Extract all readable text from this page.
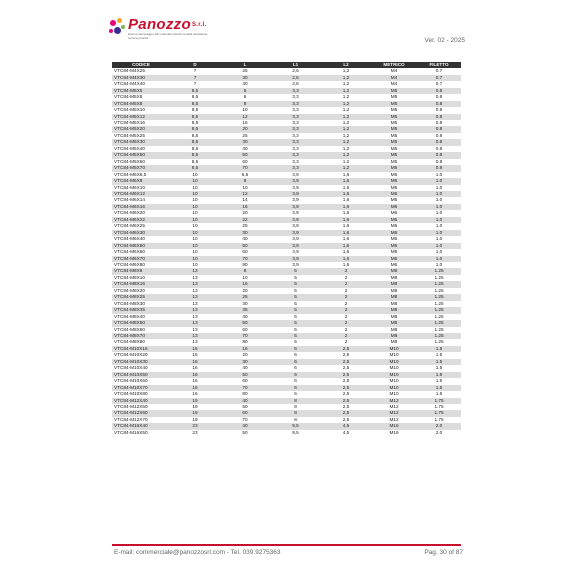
Panozzo$^{S.r.l.}$
sistemi stampaggio altri materiali utensili vendita assistenza tecnica prodotti	Ver. 02 - 2025
CODICE	D	L	L1	L2	METRICO	FILETTO
VTC84-M4X25	7	25	2,6	1,2	M4	0.7
VTC84-M4X30	7	30	2,6	1,2	M4	0.7
VTC84-M4X40	7	40	2,6	1,2	M4	0.7
VTC84-M5X5	8,5	5	3,3	1,2	M5	0.8
VTC84-M5X6	8,5	6	3,3	1,2	M5	0.8
VTC84-M5X8	8,5	8	3,3	1,2	M5	0.8
VTC84-M5X10	8,5	10	3,3	1,2	M5	0.8
VTC84-M5X12	8,5	12	3,3	1,2	M5	0.8
VTC84-M5X16	8,5	16	3,3	1,2	M5	0.8
VTC84-M5X20	8,5	20	3,3	1,2	M5	0.8
VTC84-M5X25	8,5	25	3,3	1,2	M5	0.8
VTC84-M5X30	8,5	30	3,3	1,2	M5	0.8
VTC84-M5X40	8,5	40	3,3	1,2	M5	0.8
VTC84-M5X50	8,5	50	3,3	1,2	M5	0.8
VTC84-M5X60	8,5	60	3,3	1,2	M5	0.8
VTC84-M5X70	8,5	70	3,3	1,2	M5	0.8
VTC84-M6X6,5	10	6,5	3,9	1,6	M6	1.0
VTC84-M6X8	10	8	3,9	1,6	M6	1.0
VTC84-M6X10	10	10	3,9	1,6	M6	1.0
VTC84-M6X12	10	12	3,9	1,6	M6	1.0
VTC84-M6X14	10	14	3,9	1,6	M6	1.0
VTC84-M6X16	10	16	3,9	1,6	M6	1.0
VTC84-M6X20	10	20	3,9	1,6	M6	1.0
VTC84-M6X22	10	22	3,9	1,6	M6	1.0
VTC84-M6X25	10	25	3,9	1,6	M6	1.0
VTC84-M6X30	10	30	3,9	1,6	M6	1.0
VTC84-M6X40	10	40	3,9	1,6	M6	1.0
VTC84-M6X50	10	50	3,9	1,6	M6	1.0
VTC84-M6X60	10	60	3,9	1,6	M6	1.0
VTC84-M6X70	10	70	3,9	1,6	M6	1.0
VTC84-M6X80	10	80	3,9	1,6	M6	1.0
VTC84-M8X8	13	8	5	2	M8	1.25
VTC84-M8X10	13	10	5	2	M8	1.25
VTC84-M8X16	13	16	5	2	M8	1.25
VTC84-M8X20	13	20	5	2	M8	1.25
VTC84-M8X25	13	25	5	2	M8	1.25
VTC84-M8X30	13	30	5	2	M8	1.25
VTC84-M8X35	13	35	5	2	M8	1.25
VTC84-M8X40	13	40	5	2	M8	1.25
VTC84-M8X50	13	50	5	2	M8	1.25
VTC84-M8X60	13	60	5	2	M8	1.25
VTC84-M8X70	13	70	5	2	M8	1.25
VTC84-M8X80	13	80	5	2	M8	1.25
VTC84-M10X16	16	16	6	2,5	M10	1.5
VTC84-M10X20	16	20	6	2,5	M10	1.5
VTC84-M10X30	16	30	6	2,5	M10	1.5
VTC84-M10X40	16	40	6	2,5	M10	1.5
VTC84-M10X50	16	50	6	2,5	M10	1.5
VTC84-M10X60	16	60	6	2,5	M10	1.5
VTC84-M10X70	16	70	6	2,5	M10	1.5
VTC84-M10X80	16	80	6	2,5	M10	1.5
VTC84-M12X40	19	40	8	2,5	M12	1.75
VTC84-M12X50	19	50	8	2,5	M12	1.75
VTC84-M12X60	19	60	8	2,5	M12	1.75
VTC84-M12X70	19	70	8	2,5	M12	1.75
VTC84-M16X40	23	40	9,5	4,5	M16	2.0
VTC84-M16X50	23	50	9,5	4,5	M16	2.0
E-mail: commerciale@panozzosrl.com - Tel. 039.9275363	Pag. 30 of 87
